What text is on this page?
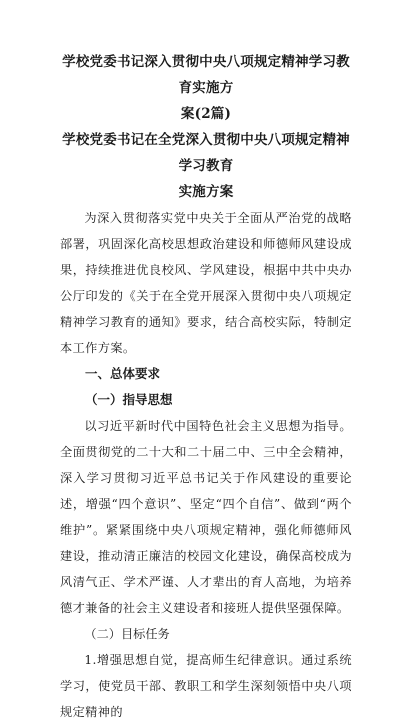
学校党委书记深入贯彻中央八项规定精神学习教育实施方

案(2篇)

学校党委书记在全党深入贯彻中央八项规定精神学习教育

实施方案

为深入贯彻落实党中央关于全面从严治党的战略部署，巩固深化高校思想政治建设和师德师风建设成果，持续推进优良校风、学风建设，根据中共中央办公厅印发的《关于在全党开展深入贯彻中央八项规定精神学习教育的通知》要求，结合高校实际，特制定本工作方案。

一、总体要求

（一）指导思想

以习近平新时代中国特色社会主义思想为指导。全面贯彻党的二十大和二十届二中、三中全会精神，深入学习贯彻习近平总书记关于作风建设的重要论述，增强“四个意识”、坚定“四个自信”、做到“两个维护”。紧紧围绕中央八项规定精神，强化师德师风建设，推动清正廉洁的校园文化建设，确保高校成为风清气正、学术严谨、人才辈出的育人高地，为培养德才兼备的社会主义建设者和接班人提供坚强保障。

（二）目标任务

1.增强思想自觉，提高师生纪律意识。通过系统学习，使党员干部、教职工和学生深刻领悟中央八项规定精神的
